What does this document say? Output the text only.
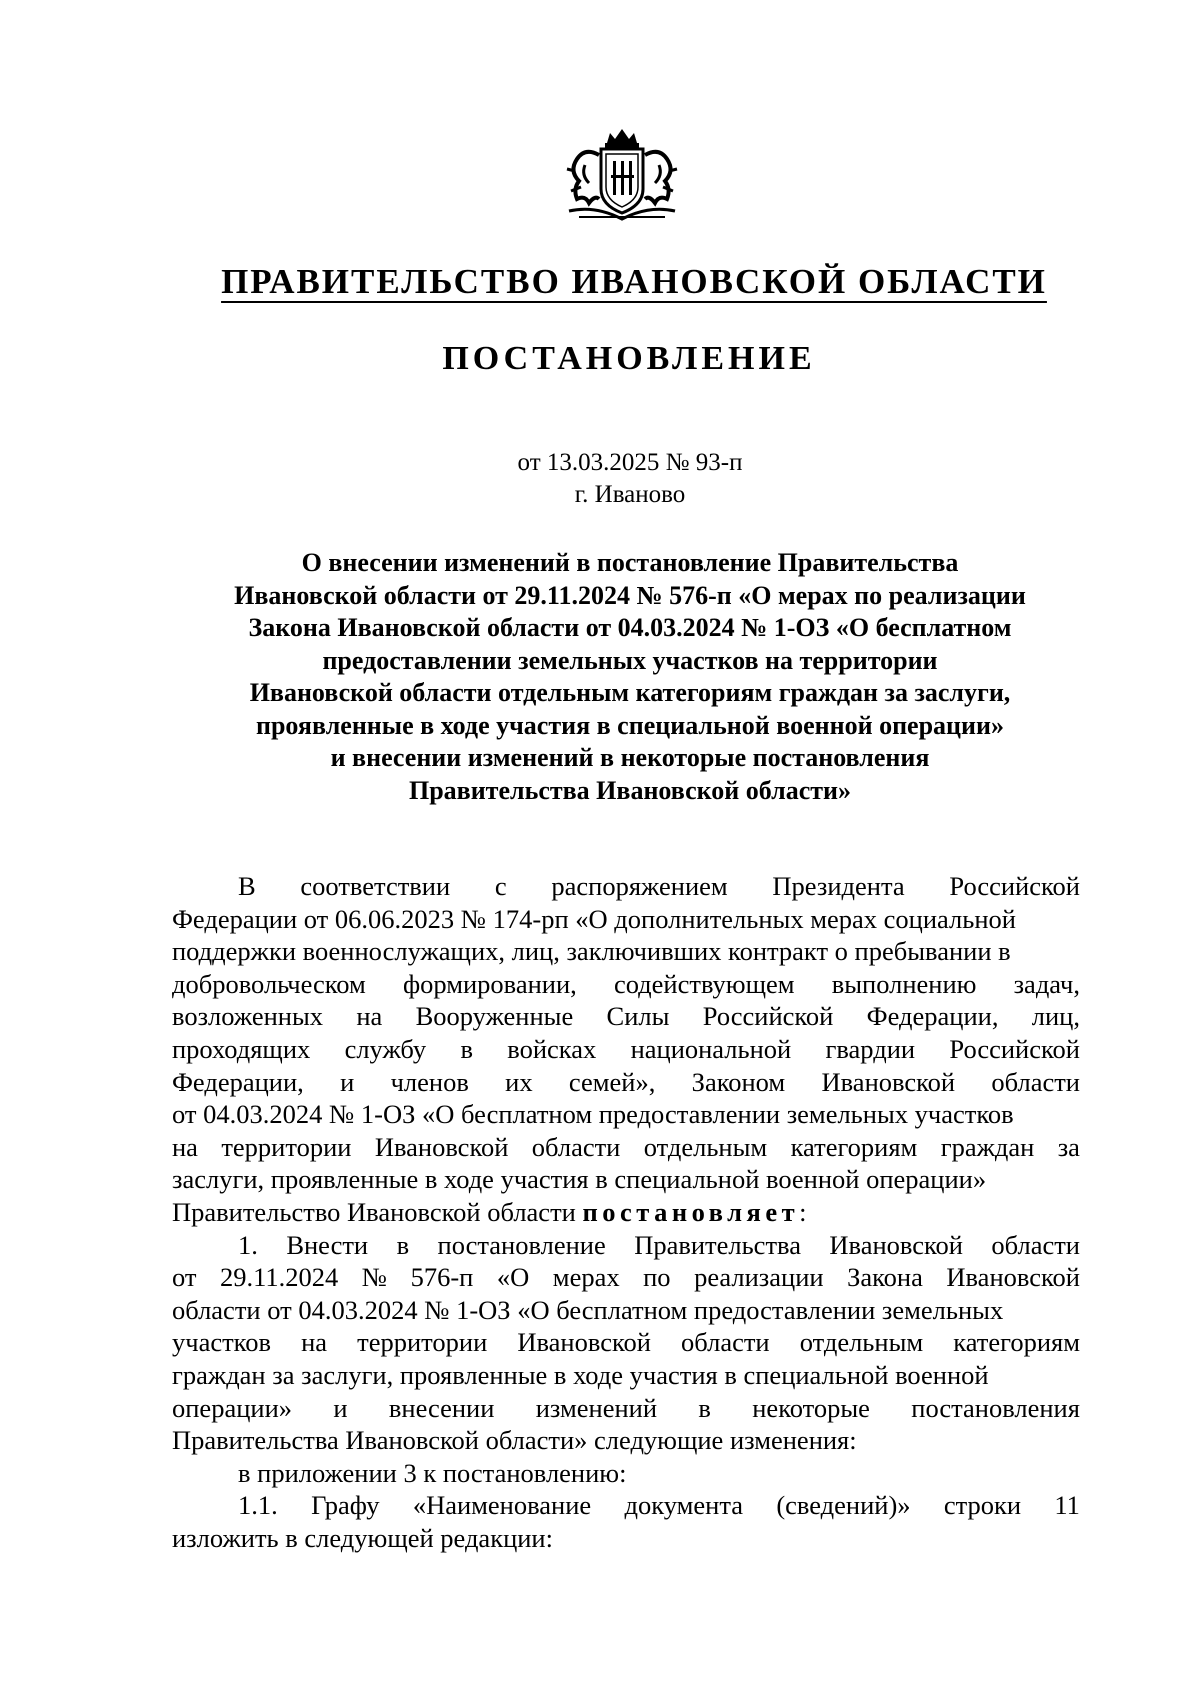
ПРАВИТЕЛЬСТВО ИВАНОВСКОЙ ОБЛАСТИ
ПОСТАНОВЛЕНИЕ
от 13.03.2025 № 93-п
г. Иваново
О внесении изменений в постановление Правительства
Ивановской области от 29.11.2024 № 576-п «О мерах по реализации
Закона Ивановской области от 04.03.2024 № 1-ОЗ «О бесплатном
предоставлении земельных участков на территории
Ивановской области отдельным категориям граждан за заслуги,
проявленные в ходе участия в специальной военной операции»
и внесении изменений в некоторые постановления
Правительства Ивановской области»
В соответствии с распоряжением Президента Российской
Федерации от 06.06.2023 № 174-рп «О дополнительных мерах социальной
поддержки военнослужащих, лиц, заключивших контракт о пребывании в
добровольческом формировании, содействующем выполнению задач,
возложенных на Вооруженные Силы Российской Федерации, лиц,
проходящих службу в войсках национальной гвардии Российской
Федерации, и членов их семей», Законом Ивановской области
от 04.03.2024 № 1-ОЗ «О бесплатном предоставлении земельных участков
на территории Ивановской области отдельным категориям граждан за
заслуги, проявленные в ходе участия в специальной военной операции»
Правительство Ивановской области постановляет :
1. Внести в постановление Правительства Ивановской области
от 29.11.2024 № 576-п «О мерах по реализации Закона Ивановской
области от 04.03.2024 № 1-ОЗ «О бесплатном предоставлении земельных
участков на территории Ивановской области отдельным категориям
граждан за заслуги, проявленные в ходе участия в специальной военной
операции» и внесении изменений в некоторые постановления
Правительства Ивановской области» следующие изменения:
в приложении 3 к постановлению:
1.1. Графу «Наименование документа (сведений)» строки 11
изложить в следующей редакции:
